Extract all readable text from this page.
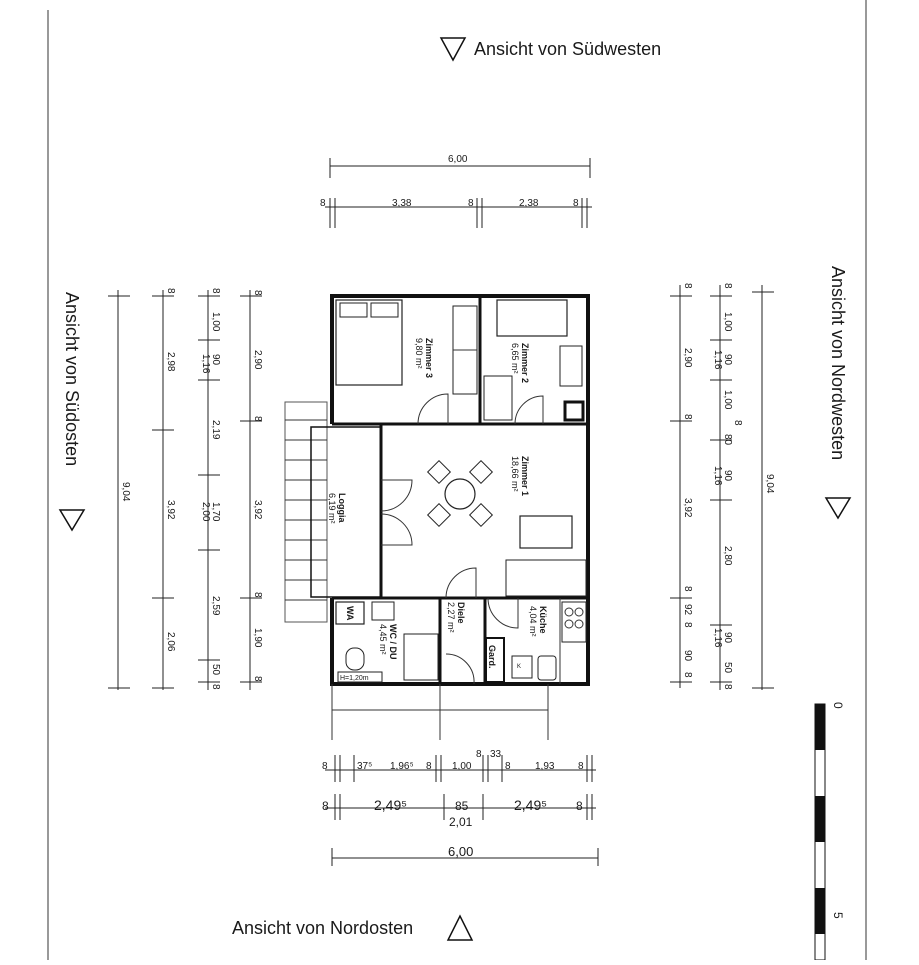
Ansicht von Südwesten
Ansicht von Nordosten
Ansicht von Südosten	Ansicht von Nordwesten
6,00
8	3,38	8	2,38	8
8
2,90
8
3,92
8
1,90
8
8
1,00
90
1,16
2,19
1,70
2,00
2,59
50
8
8
2,98
3,92
2,06
9,04
8
2,90
8
3,92
8
92
8
90
8
8
1,00
90
1,16
1,00
8
80
90
1,16
2,80
90
1,16
50
8
9,04
8	37⁵ 1,96⁵ 8 1,00
8 33
8 1,93 8
8	2,49⁵	85	2,49⁵ 8
2,01
6,00
Zimmer 3
9,80 m²	Zimmer 2
6,65 m²
Zimmer 1
18,66 m²
Loggia
6,19 m²
WC / DU
4,45 m²
Diele
2,27 m²	Küche
4,04 m²
WA
Gard.	K
H=1,20m
0
5
